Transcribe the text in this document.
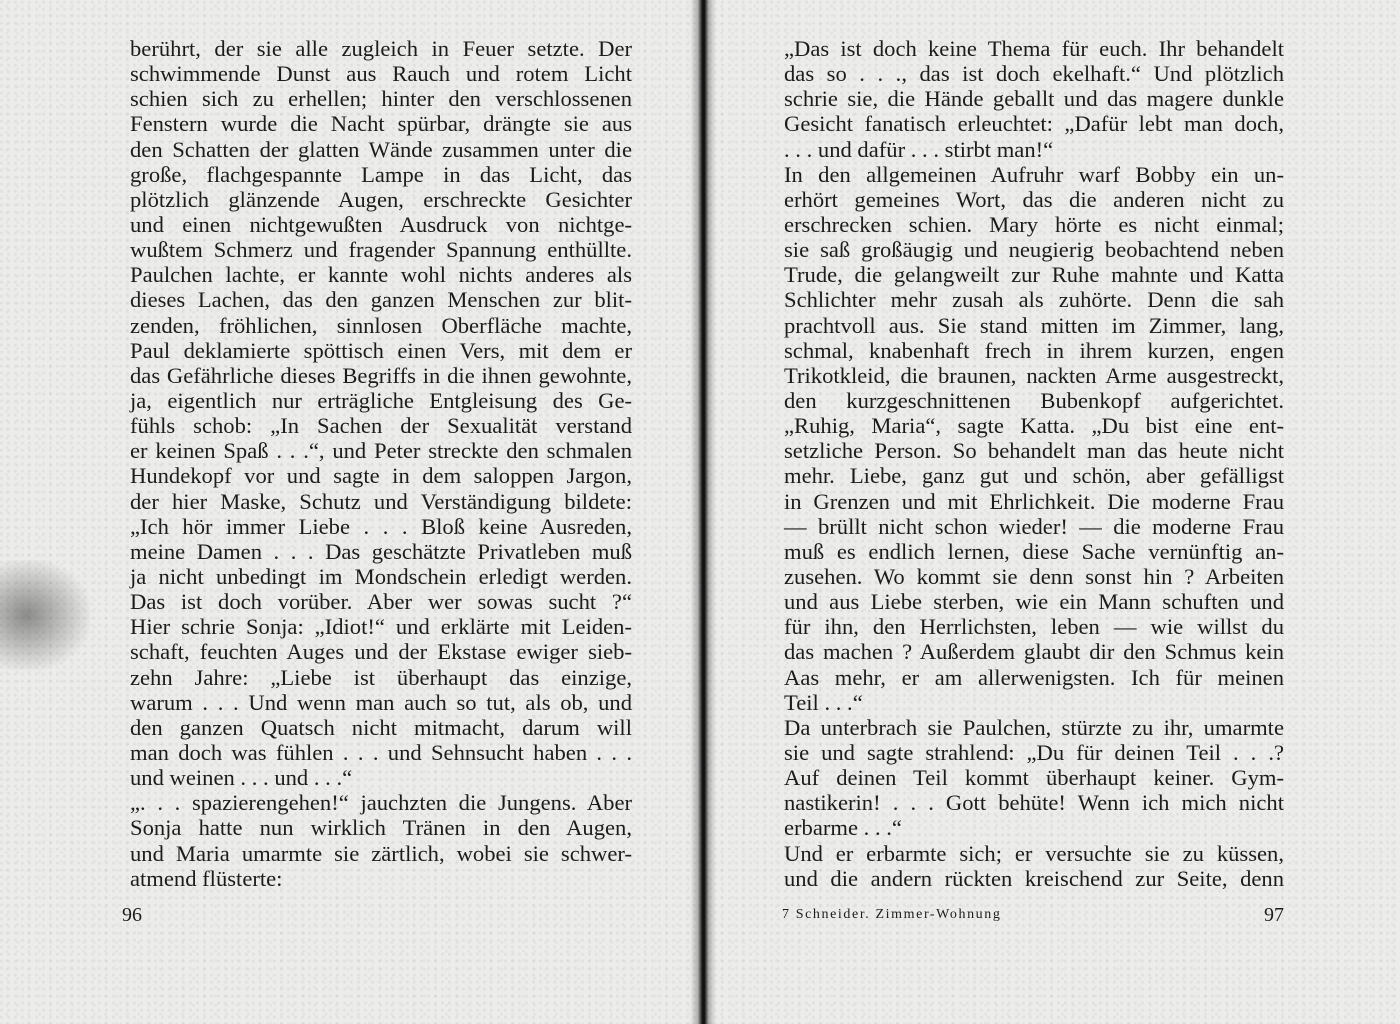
berührt, der sie alle zugleich in Feuer setzte. Der
schwimmende Dunst aus Rauch und rotem Licht
schien sich zu erhellen; hinter den verschlossenen
Fenstern wurde die Nacht spürbar, drängte sie aus
den Schatten der glatten Wände zusammen unter die
große, flachgespannte Lampe in das Licht, das
plötzlich glänzende Augen, erschreckte Gesichter
und einen nichtgewußten Ausdruck von nichtge-
wußtem Schmerz und fragender Spannung enthüllte.
Paulchen lachte, er kannte wohl nichts anderes als
dieses Lachen, das den ganzen Menschen zur blit-
zenden, fröhlichen, sinnlosen Oberfläche machte,
Paul deklamierte spöttisch einen Vers, mit dem er
das Gefährliche dieses Begriffs in die ihnen gewohnte,
ja, eigentlich nur erträgliche Entgleisung des Ge-
fühls schob: „In Sachen der Sexualität verstand
er keinen Spaß . . .“, und Peter streckte den schmalen
Hundekopf vor und sagte in dem saloppen Jargon,
der hier Maske, Schutz und Verständigung bildete:
„Ich hör immer Liebe . . . Bloß keine Ausreden,
meine Damen . . . Das geschätzte Privatleben muß
ja nicht unbedingt im Mondschein erledigt werden.
Das ist doch vorüber. Aber wer sowas sucht ?“
Hier schrie Sonja: „Idiot!“ und erklärte mit Leiden-
schaft, feuchten Auges und der Ekstase ewiger sieb-
zehn Jahre: „Liebe ist überhaupt das einzige,
warum . . . Und wenn man auch so tut, als ob, und
den ganzen Quatsch nicht mitmacht, darum will
man doch was fühlen . . . und Sehnsucht haben . . .
und weinen . . . und . . .“
„. . . spazierengehen!“ jauchzten die Jungens. Aber
Sonja hatte nun wirklich Tränen in den Augen,
und Maria umarmte sie zärtlich, wobei sie schwer-
atmend flüsterte:
96
„Das ist doch keine Thema für euch. Ihr behandelt
das so . . ., das ist doch ekelhaft.“ Und plötzlich
schrie sie, die Hände geballt und das magere dunkle
Gesicht fanatisch erleuchtet: „Dafür lebt man doch,
. . . und dafür . . . stirbt man!“
In den allgemeinen Aufruhr warf Bobby ein un-
erhört gemeines Wort, das die anderen nicht zu
erschrecken schien. Mary hörte es nicht einmal;
sie saß großäugig und neugierig beobachtend neben
Trude, die gelangweilt zur Ruhe mahnte und Katta
Schlichter mehr zusah als zuhörte. Denn die sah
prachtvoll aus. Sie stand mitten im Zimmer, lang,
schmal, knabenhaft frech in ihrem kurzen, engen
Trikotkleid, die braunen, nackten Arme ausgestreckt,
den kurzgeschnittenen Bubenkopf aufgerichtet.
„Ruhig, Maria“, sagte Katta. „Du bist eine ent-
setzliche Person. So behandelt man das heute nicht
mehr. Liebe, ganz gut und schön, aber gefälligst
in Grenzen und mit Ehrlichkeit. Die moderne Frau
— brüllt nicht schon wieder! — die moderne Frau
muß es endlich lernen, diese Sache vernünftig an-
zusehen. Wo kommt sie denn sonst hin ? Arbeiten
und aus Liebe sterben, wie ein Mann schuften und
für ihn, den Herrlichsten, leben — wie willst du
das machen ? Außerdem glaubt dir den Schmus kein
Aas mehr, er am allerwenigsten. Ich für meinen
Teil . . .“
Da unterbrach sie Paulchen, stürzte zu ihr, umarmte
sie und sagte strahlend: „Du für deinen Teil . . .?
Auf deinen Teil kommt überhaupt keiner. Gym-
nastikerin! . . . Gott behüte! Wenn ich mich nicht
erbarme . . .“
Und er erbarmte sich; er versuchte sie zu küssen,
und die andern rückten kreischend zur Seite, denn
7 Schneider. Zimmer-Wohnung	97
